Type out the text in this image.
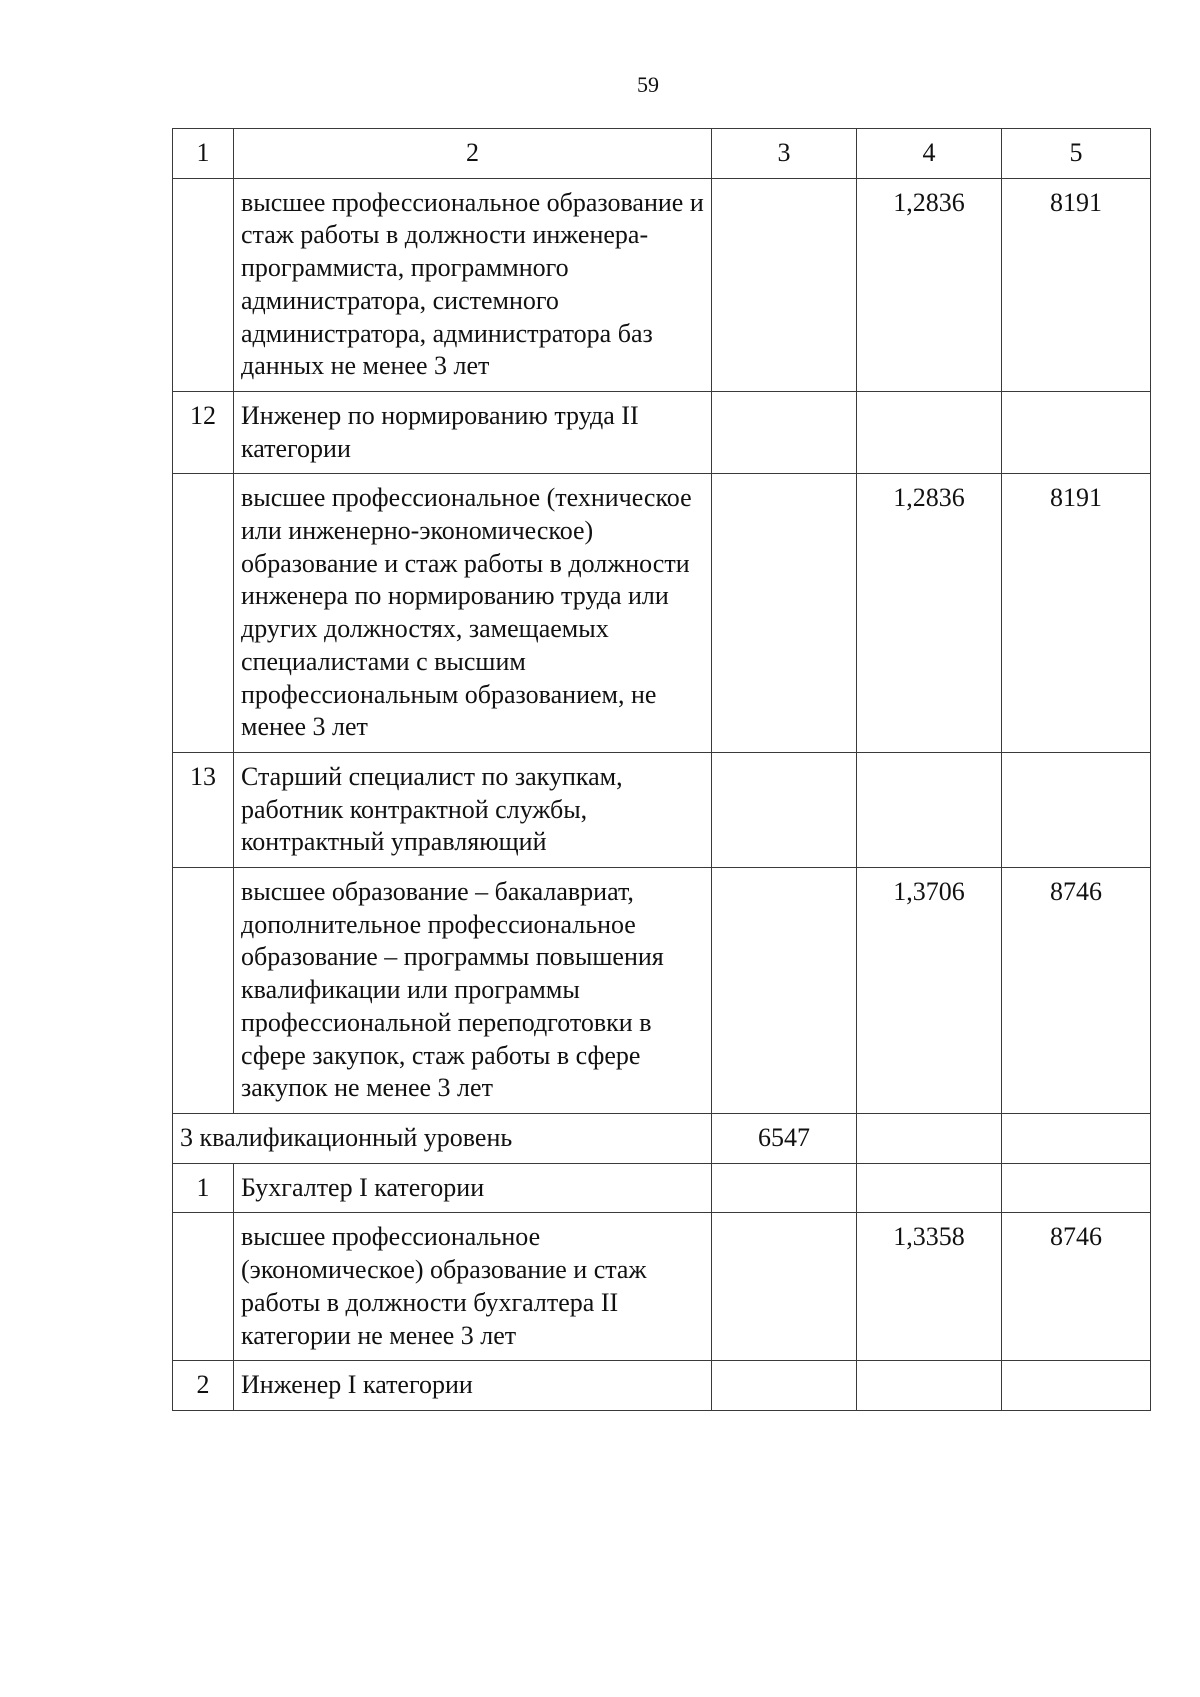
59
1	2	3	4	5
	высшее профессиональное образование и стаж работы в должности инженера-программиста, программного администратора, системного администратора, администратора баз данных не менее 3 лет		1,2836	8191
12	Инженер по нормированию труда II категории			
	высшее профессиональное (техническое или инженерно-экономическое) образование и стаж работы в должности инженера по нормированию труда или других должностях, замещаемых специалистами с высшим профессиональным образованием, не менее 3 лет		1,2836	8191
13	Старший специалист по закупкам, работник контрактной службы, контрактный управляющий			
	высшее образование – бакалавриат, дополнительное профессиональное образование – программы повышения квалификации или программы профессиональной переподготовки в сфере закупок, стаж работы в сфере закупок не менее 3 лет		1,3706	8746
3 квалификационный уровень		6547		
1	Бухгалтер I категории			
	высшее профессиональное (экономическое) образование и стаж работы в должности бухгалтера II категории не менее 3 лет		1,3358	8746
2	Инженер I категории			
